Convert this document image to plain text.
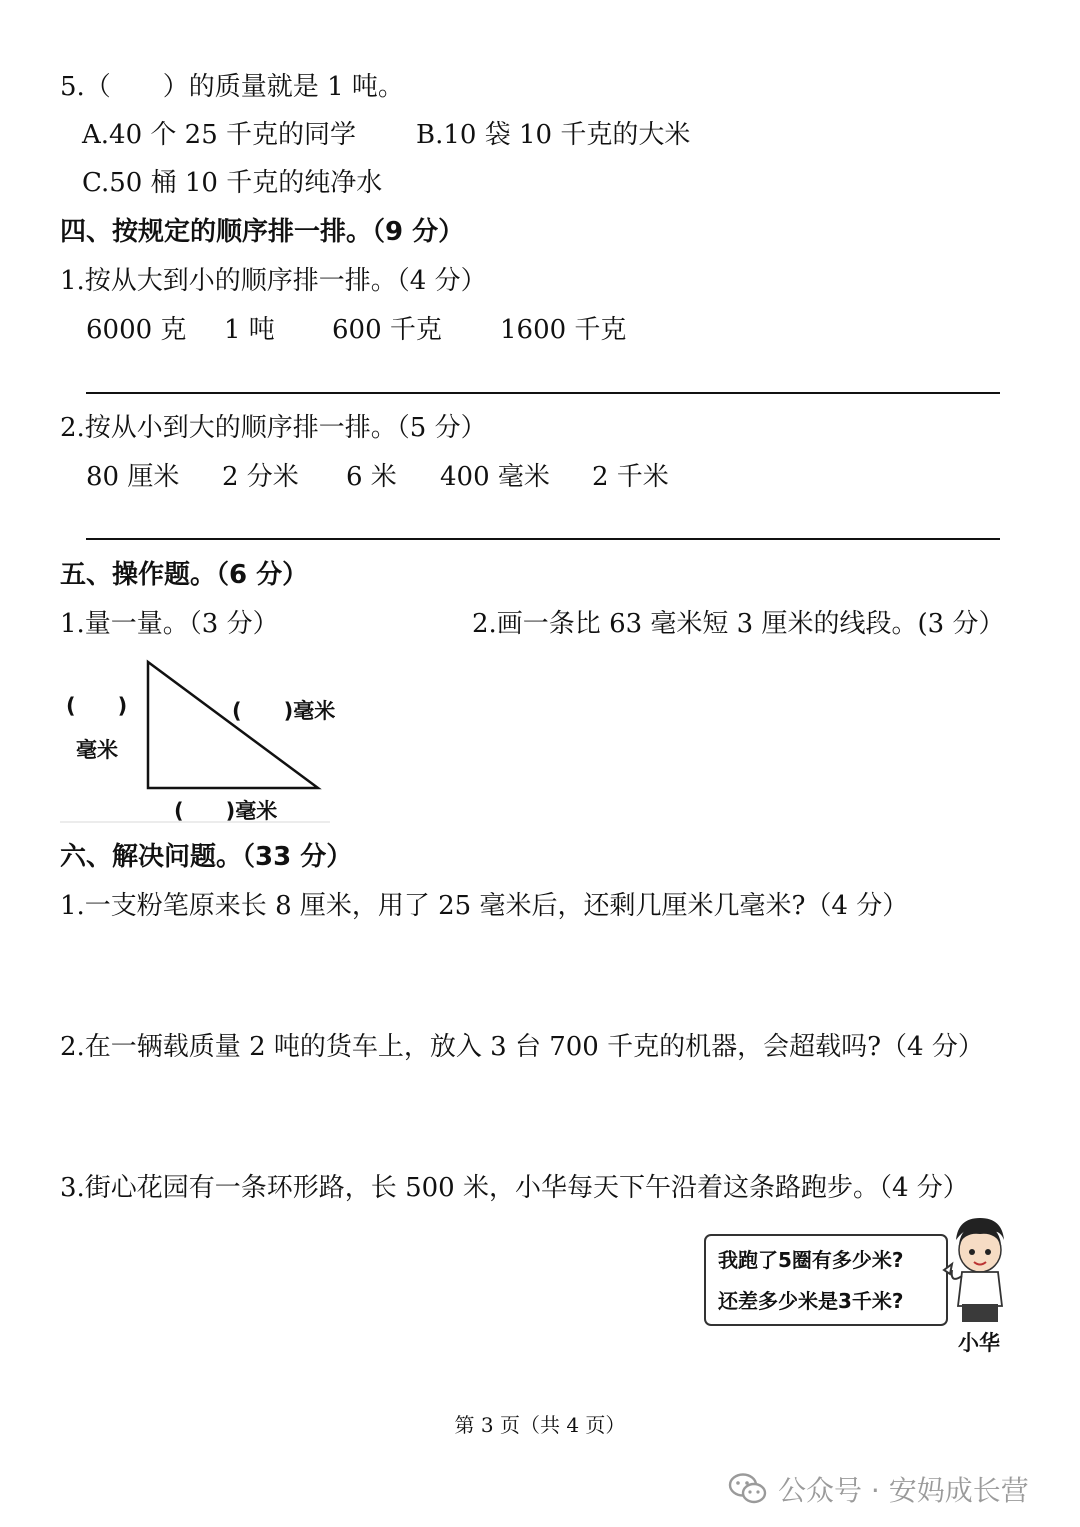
5.（　　）的质量就是 1 吨。
A.40 个 25 千克的同学 B.10 袋 10 千克的大米
C.50 桶 10 千克的纯净水
四、按规定的顺序排一排。（9 分）
1.按从大到小的顺序排一排。（4 分）
6000 克 1 吨 600 千克 1600 千克
2.按从小到大的顺序排一排。（5 分）
80 厘米 2 分米 6 米 400 毫米 2 千米
五、操作题。（6 分）
1.量一量。（3 分）	2.画一条比 63 毫米短 3 厘米的线段。(3 分）
(　　)
毫米
(　　)毫米
(　　)毫米
六、解决问题。（33 分）
1.一支粉笔原来长 8 厘米，用了 25 毫米后，还剩几厘米几毫米?（4 分）
2.在一辆载质量 2 吨的货车上，放入 3 台 700 千克的机器，会超载吗?（4 分）
3.街心花园有一条环形路，长 500 米，小华每天下午沿着这条路跑步。（4 分）
我跑了5圈有多少米?
还差多少米是3千米?
小华
第 3 页（共 4 页）
公众号 · 安妈成长营
